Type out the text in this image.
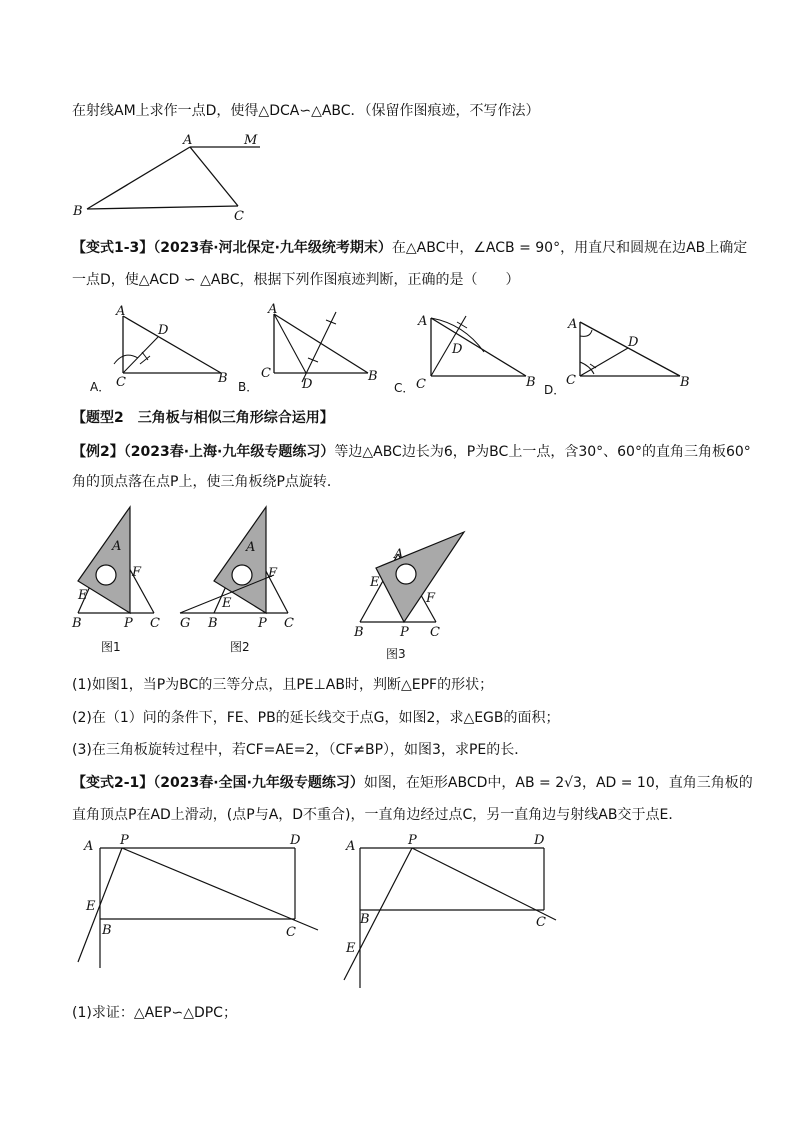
在射线AM上求作一点D，使得△DCA∽△ABC．（保留作图痕迹，不写作法）
A	M
B	C
【变式1-3】（2023春·河北保定·九年级统考期末）在△ABC中，∠ACB = 90°，用直尺和圆规在边AB上确定
一点D，使△ACD ∽ △ABC，根据下列作图痕迹判断，正确的是（　　）
A
D
C	B
A．
A
C
D
B
B．
A
D
C	B
C．
A
D
C	B
D．
【题型2　三角板与相似三角形综合运用】
【例2】（2023春·上海·九年级专题练习）等边△ABC边长为6，P为BC上一点，含30°、60°的直角三角板60°
角的顶点落在点P上，使三角板绕P点旋转．
A
F
E
B	P C
图1
A
F
E
G B	P C
图2
A
E
F
B	P C
图3
(1)如图1，当P为BC的三等分点，且PE⊥AB时，判断△EPF的形状；
(2)在（1）问的条件下，FE、PB的延长线交于点G，如图2，求△EGB的面积；
(3)在三角板旋转过程中，若CF=AE=2，（CF≠BP），如图3，求PE的长．
【变式2-1】（2023春·全国·九年级专题练习）如图，在矩形ABCD中，AB = 2√3，AD = 10，直角三角板的
直角顶点P在AD上滑动，(点P与A，D不重合)，一直角边经过点C，另一直角边与射线AB交于点E．
A P	D
E
B	C
A	P	D
B	C
E
(1)求证：△AEP∽△DPC；
